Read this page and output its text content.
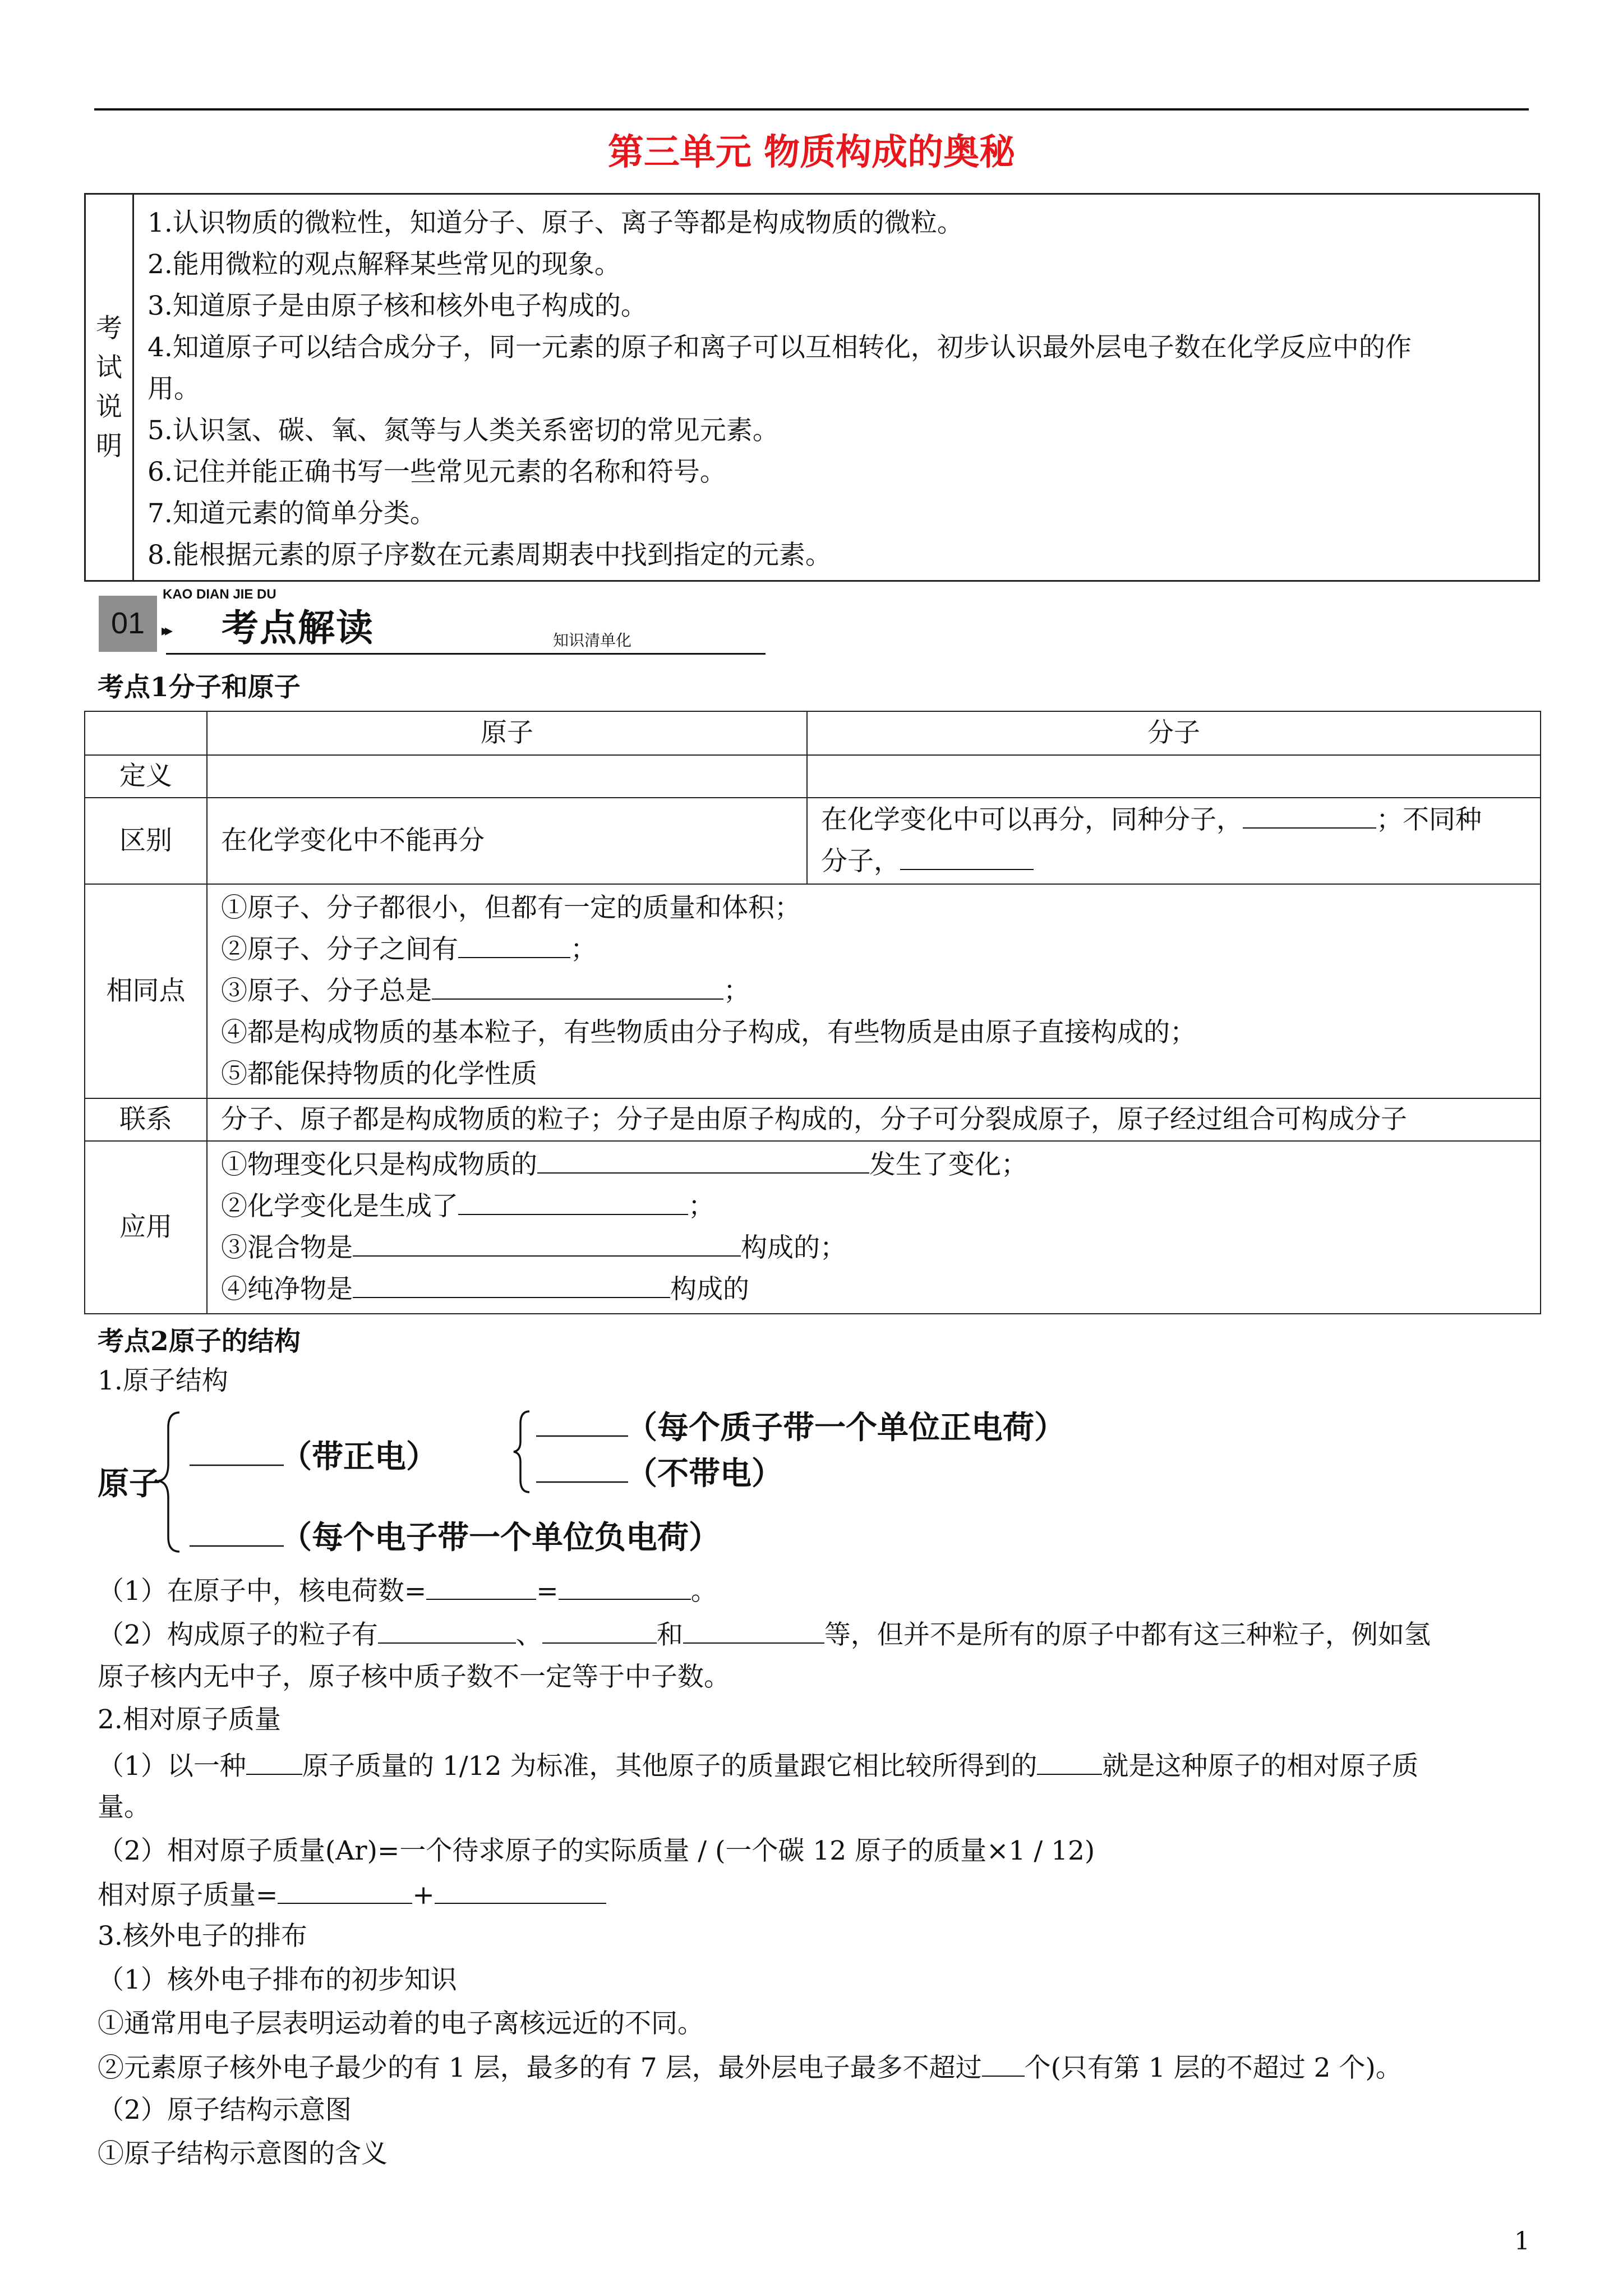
第三单元 物质构成的奥秘
考
试
说
明
1.认识物质的微粒性，知道分子、原子、离子等都是构成物质的微粒。
2.能用微粒的观点解释某些常见的现象。
3.知道原子是由原子核和核外电子构成的。
4.知道原子可以结合成分子，同一元素的原子和离子可以互相转化，初步认识最外层电子数在化学反应中的作
用。
5.认识氢、碳、氧、氮等与人类关系密切的常见元素。
6.记住并能正确书写一些常见元素的名称和符号。
7.知道元素的简单分类。
8.能根据元素的原子序数在元素周期表中找到指定的元素。
KAO DIAN JIE DU
01	▸▸ 考点解读	知识清单化
考点1分子和原子
	原子	分子
定义		
区别	在化学变化中不能再分	在化学变化中可以再分，同种分子， ；不同种
分子，

相同点	①原子、分子都很小，但都有一定的质量和体积；
②原子、分子之间有 ；
③原子、分子总是 ；
④都是构成物质的基本粒子，有些物质由分子构成，有些物质是由原子直接构成的；
⑤都能保持物质的化学性质	

联系	分子、原子都是构成物质的粒子；分子是由原子构成的，分子可分裂成原子，原子经过组合可构成分子	
应用	①物理变化只是构成物质的 发生了变化；
②化学变化是生成了 ；
③混合物是 构成的；
④纯净物是 构成的	
考点2原子的结构
1.原子结构
原子
（带正电）
（每个质子带一个单位正电荷）
（不带电）
（每个电子带一个单位负电荷）
（1）在原子中，核电荷数=	=	。
（2）构成原子的粒子有	、	和	等，但并不是所有的原子中都有这三种粒子，例如氢
原子核内无中子，原子核中质子数不一定等于中子数。
2.相对原子质量
（1）以一种 原子质量的 1/12 为标准，其他原子的质量跟它相比较所得到的 就是这种原子的相对原子质
量。
（2）相对原子质量(Ar)=一个待求原子的实际质量 / (一个碳 12 原子的质量×1 / 12)
相对原子质量=	+
3.核外电子的排布
（1）核外电子排布的初步知识
①通常用电子层表明运动着的电子离核远近的不同。
②元素原子核外电子最少的有 1 层，最多的有 7 层，最外层电子最多不超过 个(只有第 1 层的不超过 2 个)。
（2）原子结构示意图
①原子结构示意图的含义
1
